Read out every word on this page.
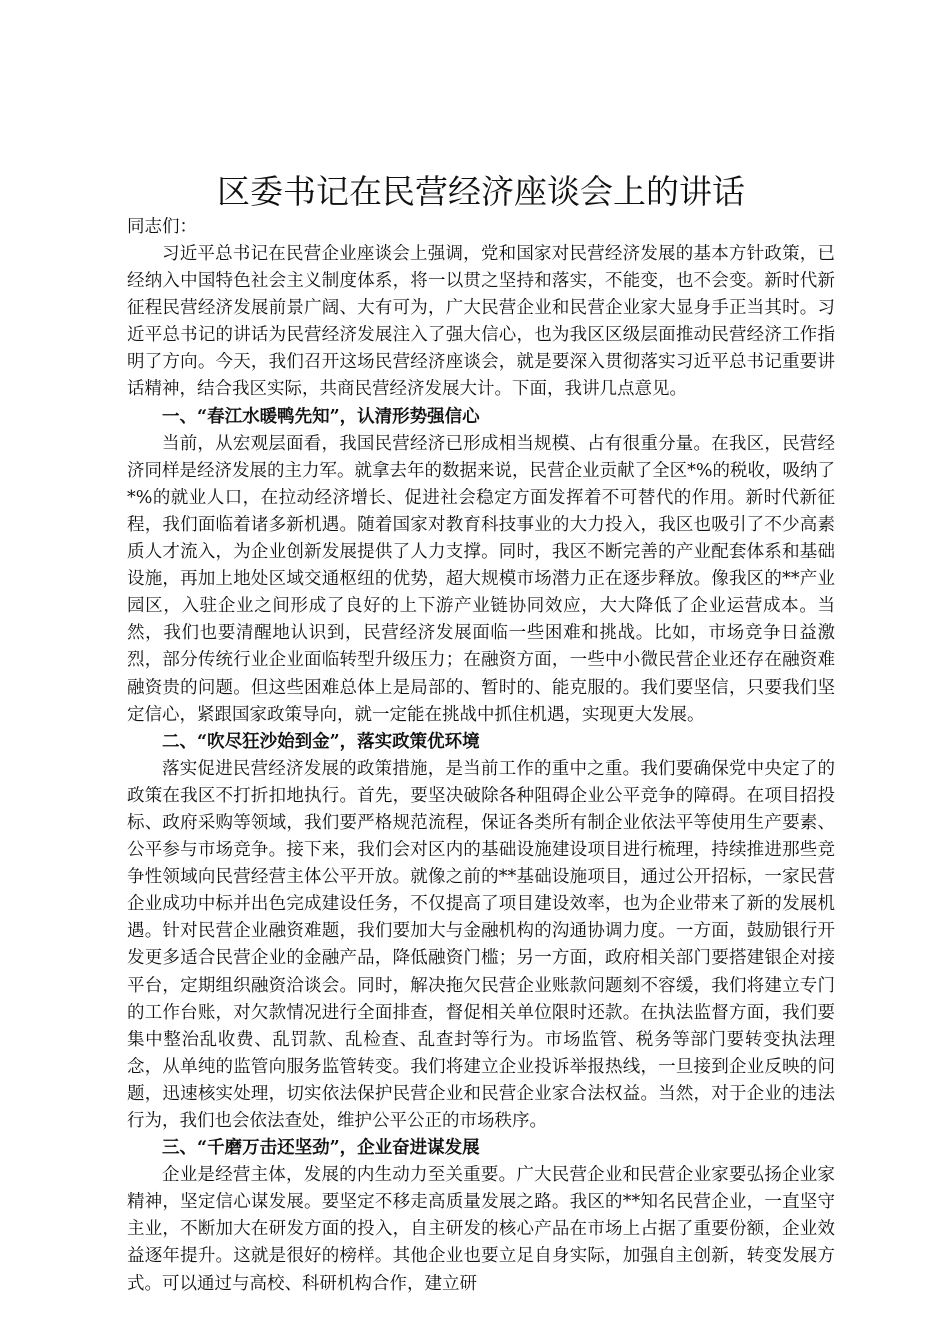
区委书记在民营经济座谈会上的讲话

同志们：

习近平总书记在民营企业座谈会上强调，党和国家对民营经济发展的基本方针政策，已经纳入中国特色社会主义制度体系，将一以贯之坚持和落实，不能变，也不会变。新时代新征程民营经济发展前景广阔、大有可为，广大民营企业和民营企业家大显身手正当其时。习近平总书记的讲话为民营经济发展注入了强大信心，也为我区区级层面推动民营经济工作指明了方向。今天，我们召开这场民营经济座谈会，就是要深入贯彻落实习近平总书记重要讲话精神，结合我区实际，共商民营经济发展大计。下面，我讲几点意见。

一、“春江水暖鸭先知”，认清形势强信心

当前，从宏观层面看，我国民营经济已形成相当规模、占有很重分量。在我区，民营经济同样是经济发展的主力军。就拿去年的数据来说，民营企业贡献了全区*%的税收，吸纳了*%的就业人口，在拉动经济增长、促进社会稳定方面发挥着不可替代的作用。新时代新征程，我们面临着诸多新机遇。随着国家对教育科技事业的大力投入，我区也吸引了不少高素质人才流入，为企业创新发展提供了人力支撑。同时，我区不断完善的产业配套体系和基础设施，再加上地处区域交通枢纽的优势，超大规模市场潜力正在逐步释放。像我区的**产业园区，入驻企业之间形成了良好的上下游产业链协同效应，大大降低了企业运营成本。当然，我们也要清醒地认识到，民营经济发展面临一些困难和挑战。比如，市场竞争日益激烈，部分传统行业企业面临转型升级压力；在融资方面，一些中小微民营企业还存在融资难融资贵的问题。但这些困难总体上是局部的、暂时的、能克服的。我们要坚信，只要我们坚定信心，紧跟国家政策导向，就一定能在挑战中抓住机遇，实现更大发展。

二、“吹尽狂沙始到金”，落实政策优环境

落实促进民营经济发展的政策措施，是当前工作的重中之重。我们要确保党中央定了的政策在我区不打折扣地执行。首先，要坚决破除各种阻碍企业公平竞争的障碍。在项目招投标、政府采购等领域，我们要严格规范流程，保证各类所有制企业依法平等使用生产要素、公平参与市场竞争。接下来，我们会对区内的基础设施建设项目进行梳理，持续推进那些竞争性领域向民营经营主体公平开放。就像之前的**基础设施项目，通过公开招标，一家民营企业成功中标并出色完成建设任务，不仅提高了项目建设效率，也为企业带来了新的发展机遇。针对民营企业融资难题，我们要加大与金融机构的沟通协调力度。一方面，鼓励银行开发更多适合民营企业的金融产品，降低融资门槛；另一方面，政府相关部门要搭建银企对接平台，定期组织融资洽谈会。同时，解决拖欠民营企业账款问题刻不容缓，我们将建立专门的工作台账，对欠款情况进行全面排查，督促相关单位限时还款。在执法监督方面，我们要集中整治乱收费、乱罚款、乱检查、乱查封等行为。市场监管、税务等部门要转变执法理念，从单纯的监管向服务监管转变。我们将建立企业投诉举报热线，一旦接到企业反映的问题，迅速核实处理，切实依法保护民营企业和民营企业家合法权益。当然，对于企业的违法行为，我们也会依法查处，维护公平公正的市场秩序。

三、“千磨万击还坚劲”，企业奋进谋发展

企业是经营主体，发展的内生动力至关重要。广大民营企业和民营企业家要弘扬企业家精神，坚定信心谋发展。要坚定不移走高质量发展之路。我区的**知名民营企业，一直坚守主业，不断加大在研发方面的投入，自主研发的核心产品在市场上占据了重要份额，企业效益逐年提升。这就是很好的榜样。其他企业也要立足自身实际，加强自主创新，转变发展方式。可以通过与高校、科研机构合作，建立研
